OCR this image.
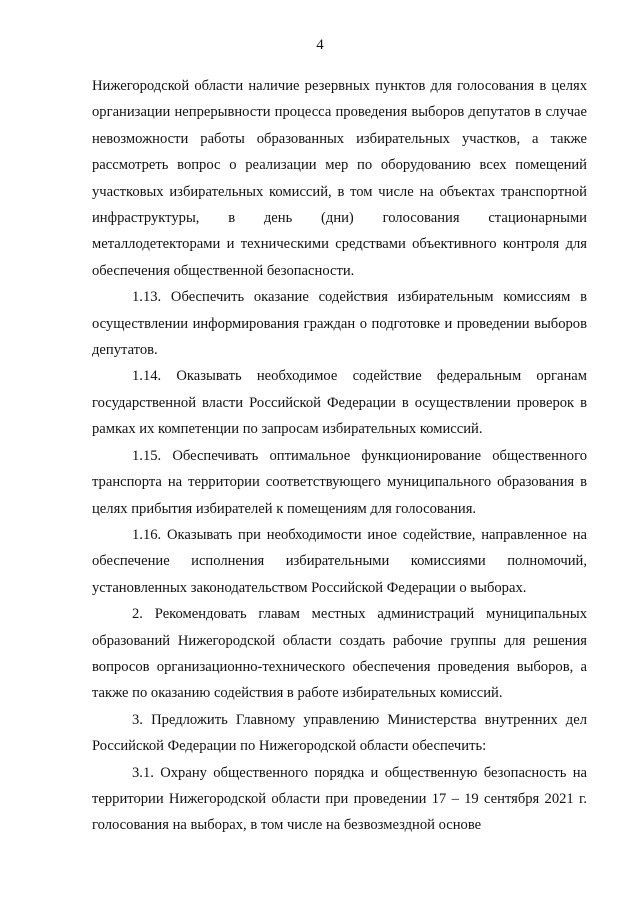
4

Нижегородской области наличие резервных пунктов для голосования в целях организации непрерывности процесса проведения выборов депутатов в случае невозможности работы образованных избирательных участков, а также рассмотреть вопрос о реализации мер по оборудованию всех помещений участковых избирательных комиссий, в том числе на объектах транспортной инфраструктуры, в день (дни) голосования стационарными металлодетекторами и техническими средствами объективного контроля для обеспечения общественной безопасности.

1.13. Обеспечить оказание содействия избирательным комиссиям в осуществлении информирования граждан о подготовке и проведении выборов депутатов.

1.14. Оказывать необходимое содействие федеральным органам государственной власти Российской Федерации в осуществлении проверок в рамках их компетенции по запросам избирательных комиссий.

1.15. Обеспечивать оптимальное функционирование общественного транспорта на территории соответствующего муниципального образования в целях прибытия избирателей к помещениям для голосования.

1.16. Оказывать при необходимости иное содействие, направленное на обеспечение исполнения избирательными комиссиями полномочий, установленных законодательством Российской Федерации о выборах.

2. Рекомендовать главам местных администраций муниципальных образований Нижегородской области создать рабочие группы для решения вопросов организационно-технического обеспечения проведения выборов, а также по оказанию содействия в работе избирательных комиссий.

3. Предложить Главному управлению Министерства внутренних дел Российской Федерации по Нижегородской области обеспечить:

3.1. Охрану общественного порядка и общественную безопасность на территории Нижегородской области при проведении 17 – 19 сентября 2021 г. голосования на выборах, в том числе на безвозмездной основе
